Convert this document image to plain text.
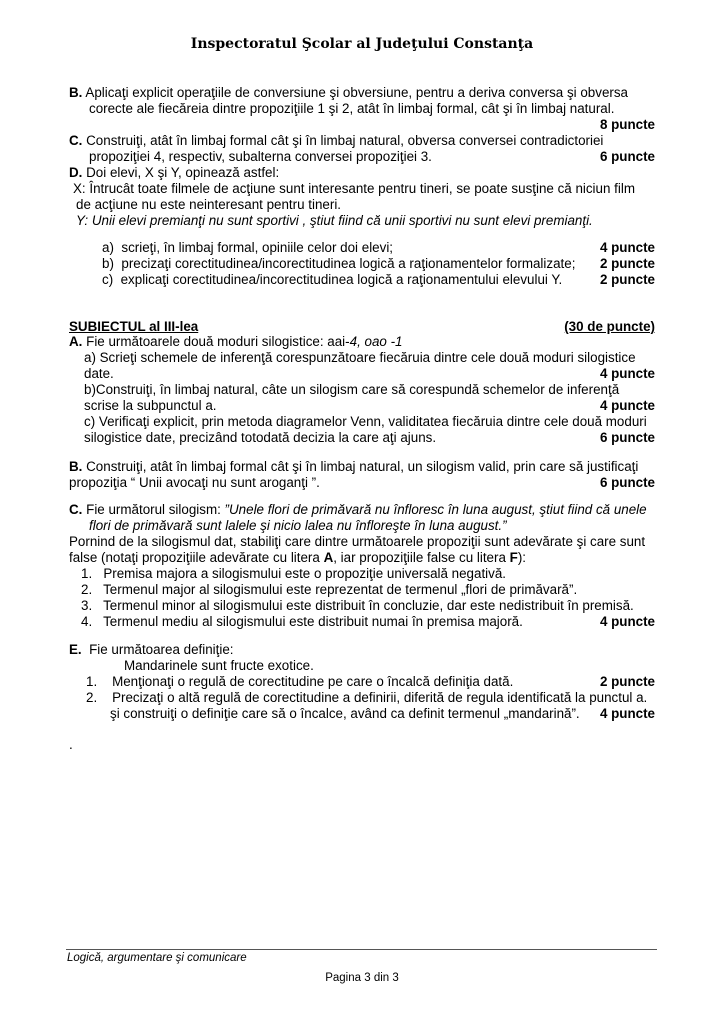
Inspectoratul Şcolar al Judeţului Constanţa
B. Aplicaţi explicit operaţiile de conversiune şi obversiune, pentru a deriva conversa şi obversa
corecte ale fiecăreia dintre propoziţiile 1 şi 2, atât în limbaj formal, cât şi în limbaj natural.
8 puncte
C. Construiţi, atât în limbaj formal cât şi în limbaj natural, obversa conversei contradictoriei
propoziţiei 4, respectiv, subalterna conversei propoziţiei 3.	6 puncte
D. Doi elevi, X şi Y, opinează astfel:
X: Întrucât toate filmele de acţiune sunt interesante pentru tineri, se poate susţine că niciun film
de acţiune nu este neinteresant pentru tineri.
Y: Unii elevi premianţi nu sunt sportivi , ştiut fiind că unii sportivi nu sunt elevi premianţi.
a) scrieţi, în limbaj formal, opiniile celor doi elevi;	4 puncte
b) precizaţi corectitudinea/incorectitudinea logică a raţionamentelor formalizate; 2 puncte
c) explicaţi corectitudinea/incorectitudinea logică a raţionamentului elevului Y.	2 puncte
SUBIECTUL al III-lea	(30 de puncte)
A. Fie următoarele două moduri silogistice: aai-4, oao -1
a) Scrieţi schemele de inferenţă corespunzătoare fiecăruia dintre cele două moduri silogistice
date.	4 puncte
b)Construiţi, în limbaj natural, câte un silogism care să corespundă schemelor de inferenţă
scrise la subpunctul a.	4 puncte
c) Verificaţi explicit, prin metoda diagramelor Venn, validitatea fiecăruia dintre cele două moduri
silogistice date, precizând totodată decizia la care aţi ajuns.	6 puncte
B. Construiţi, atât în limbaj formal cât şi în limbaj natural, un silogism valid, prin care să justificaţi
propoziţia “ Unii avocaţi nu sunt aroganţi ”.	6 puncte
C. Fie următorul silogism: ”Unele flori de primăvară nu înfloresc în luna august, ştiut fiind că unele
flori de primăvară sunt lalele şi nicio lalea nu înfloreşte în luna august.”
Pornind de la silogismul dat, stabiliţi care dintre următoarele propoziţii sunt adevărate şi care sunt
false (notaţi propoziţiile adevărate cu litera A, iar propoziţiile false cu litera F):
1. Premisa majora a silogismului este o propoziţie universală negativă.
2. Termenul major al silogismului este reprezentat de termenul „flori de primăvară”.
3. Termenul minor al silogismului este distribuit în concluzie, dar este nedistribuit în premisă.
4. Termenul mediu al silogismului este distribuit numai în premisa majoră.	4 puncte
E. Fie următoarea definiţie:
Mandarinele sunt fructe exotice.
1. Menţionaţi o regulă de corectitudine pe care o încalcă definiţia dată.	2 puncte
2. Precizaţi o altă regulă de corectitudine a definirii, diferită de regula identificată la punctul a.
şi construiţi o definiţie care să o încalce, având ca definit termenul „mandarină”. 4 puncte
.
Logică, argumentare şi comunicare
Pagina 3 din 3
